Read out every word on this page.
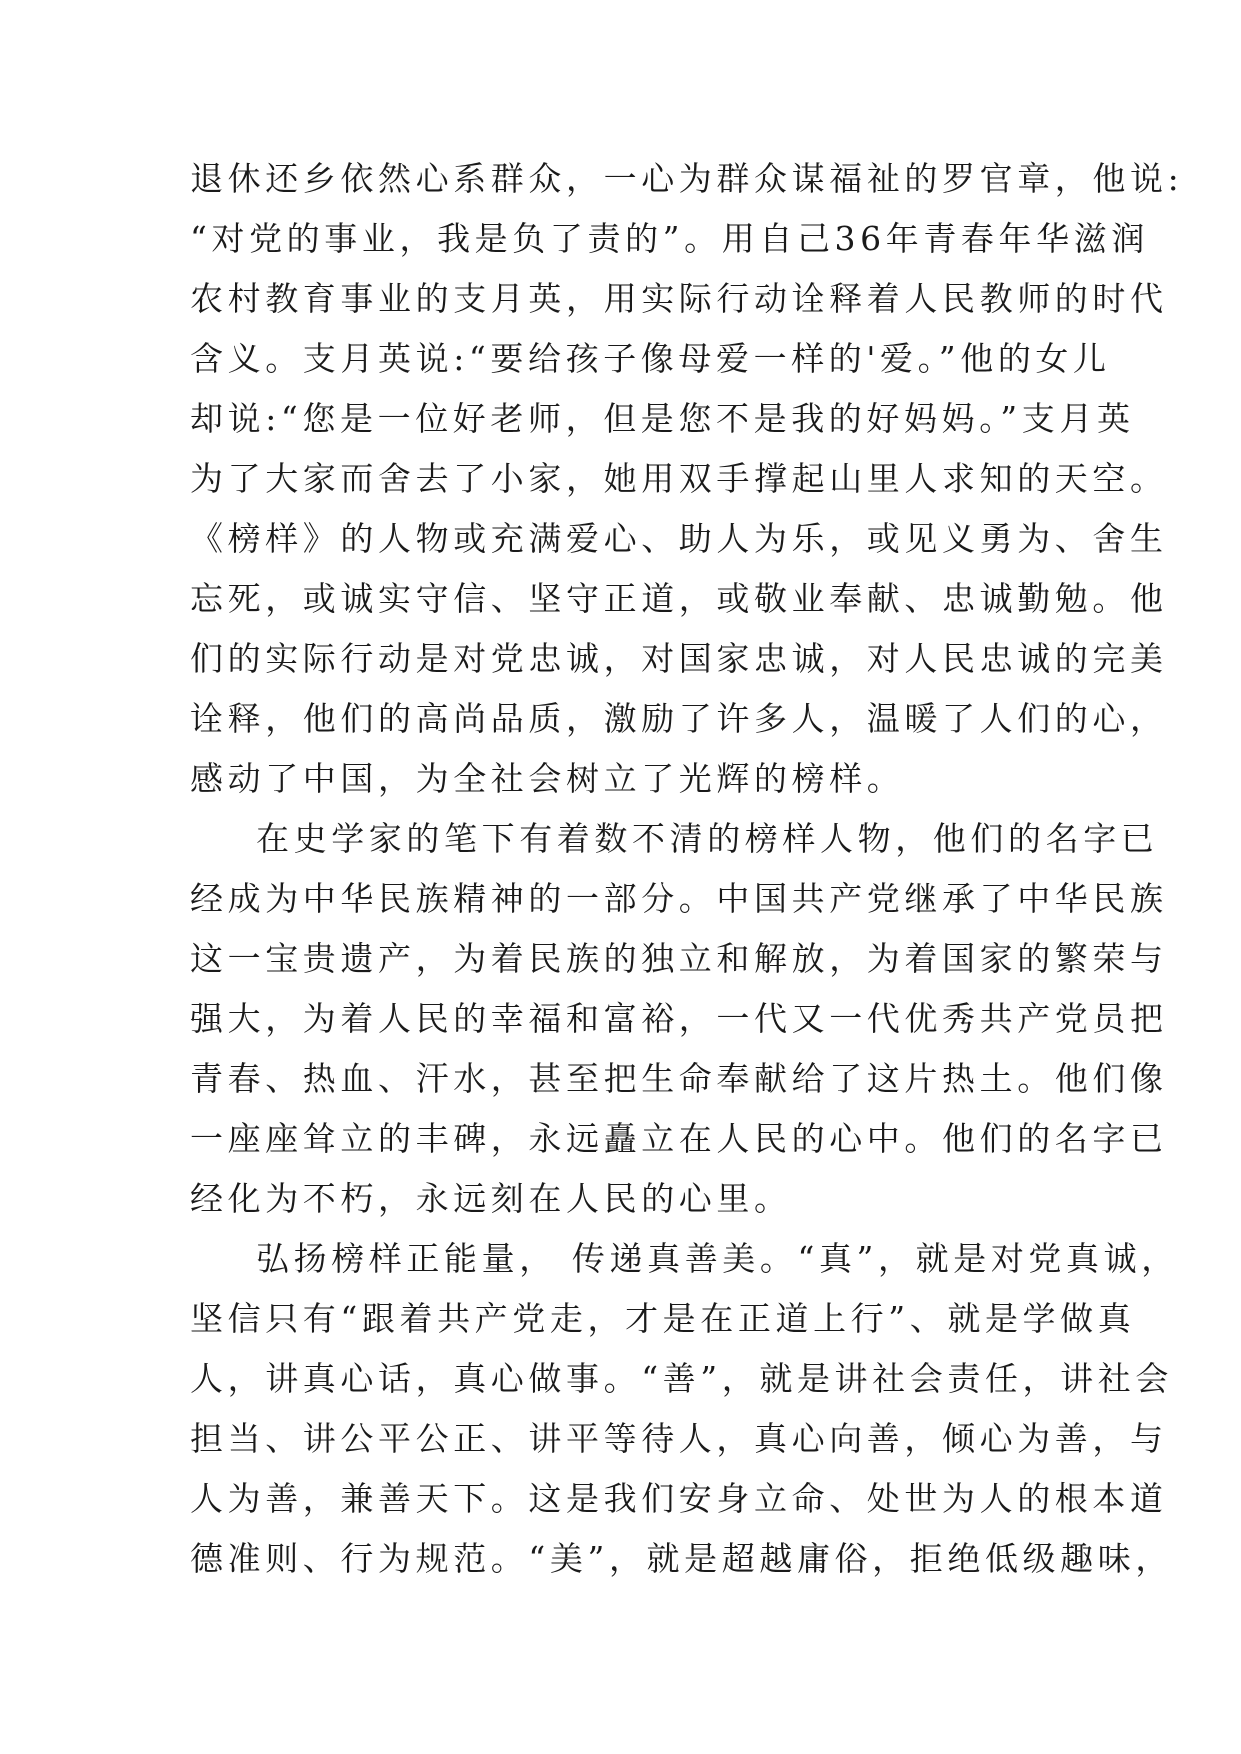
退休还乡依然心系群众，一心为群众谋福祉的罗官章，他说:
“对党的事业，我是负了责的”。用自己36年青春年华滋润
农村教育事业的支月英，用实际行动诠释着人民教师的时代
含义。支月英说:“要给孩子像母爱一样的'爱。”他的女儿
却说:“您是一位好老师，但是您不是我的好妈妈。”支月英
为了大家而舍去了小家，她用双手撑起山里人求知的天空。
《榜样》的人物或充满爱心、助人为乐，或见义勇为、舍生
忘死，或诚实守信、坚守正道，或敬业奉献、忠诚勤勉。他
们的实际行动是对党忠诚，对国家忠诚，对人民忠诚的完美
诠释，他们的高尚品质，激励了许多人，温暖了人们的心，
感动了中国，为全社会树立了光辉的榜样。
在史学家的笔下有着数不清的榜样人物，他们的名字已
经成为中华民族精神的一部分。中国共产党继承了中华民族
这一宝贵遗产，为着民族的独立和解放，为着国家的繁荣与
强大，为着人民的幸福和富裕，一代又一代优秀共产党员把
青春、热血、汗水，甚至把生命奉献给了这片热土。他们像
一座座耸立的丰碑，永远矗立在人民的心中。他们的名字已
经化为不朽，永远刻在人民的心里。
弘扬榜样正能量， 传递真善美。“真”，就是对党真诚，
坚信只有“跟着共产党走，才是在正道上行”、就是学做真
人，讲真心话，真心做事。“善”，就是讲社会责任，讲社会
担当、讲公平公正、讲平等待人，真心向善，倾心为善，与
人为善，兼善天下。这是我们安身立命、处世为人的根本道
德准则、行为规范。“美”，就是超越庸俗，拒绝低级趣味，
